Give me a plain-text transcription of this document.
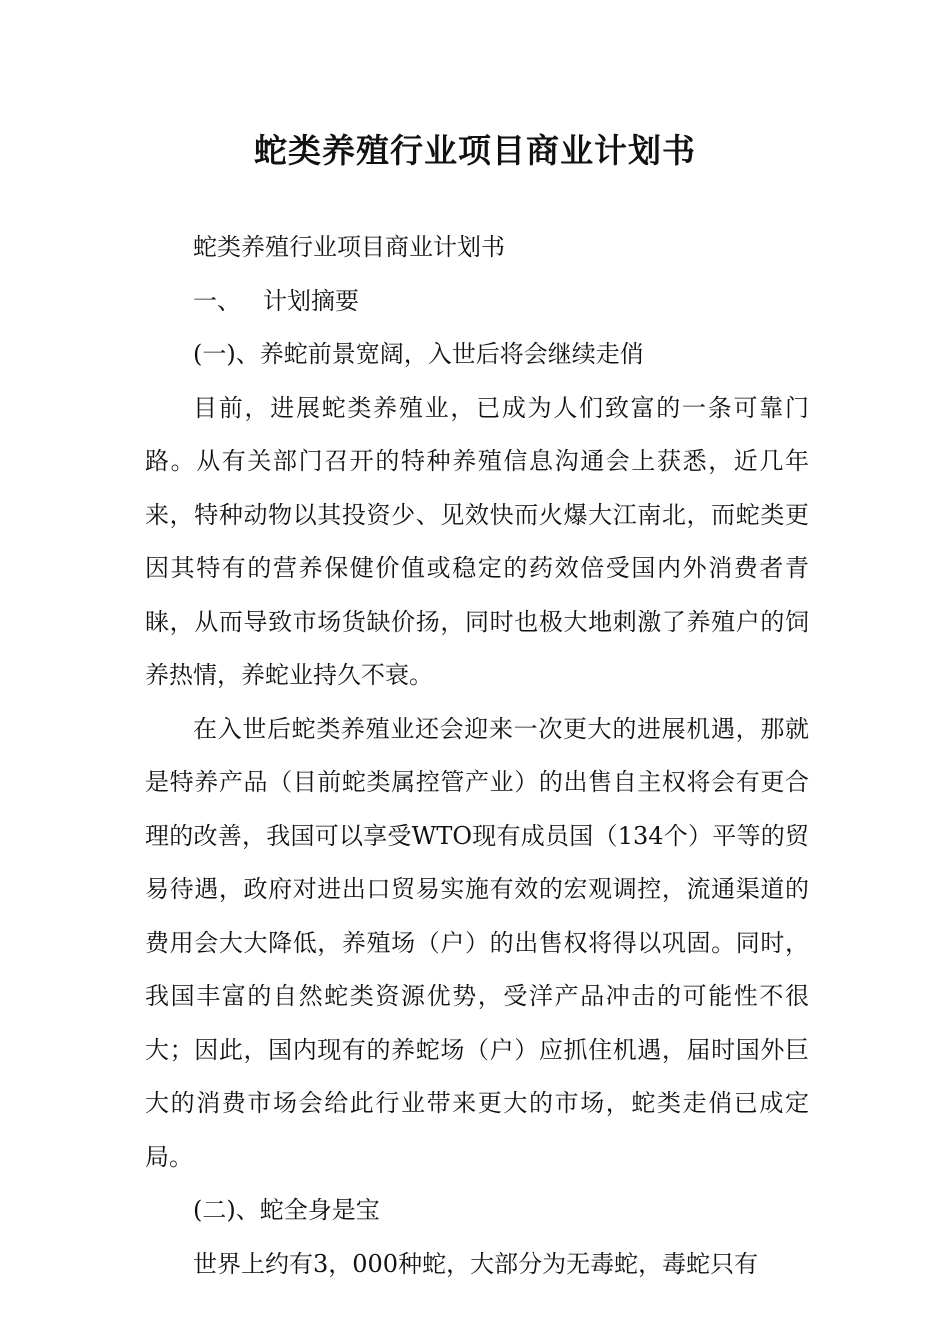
蛇类养殖行业项目商业计划书

蛇类养殖行业项目商业计划书

一、 计划摘要

(一)、养蛇前景宽阔，入世后将会继续走俏

目前，进展蛇类养殖业，已成为人们致富的一条可靠门路。从有关部门召开的特种养殖信息沟通会上获悉，近几年来，特种动物以其投资少、见效快而火爆大江南北，而蛇类更因其特有的营养保健价值或稳定的药效倍受国内外消费者青睐，从而导致市场货缺价扬，同时也极大地刺激了养殖户的饲养热情，养蛇业持久不衰。

在入世后蛇类养殖业还会迎来一次更大的进展机遇，那就是特养产品（目前蛇类属控管产业）的出售自主权将会有更合理的改善，我国可以享受WTO现有成员国（134个）平等的贸易待遇，政府对进出口贸易实施有效的宏观调控，流通渠道的费用会大大降低，养殖场（户）的出售权将得以巩固。同时，我国丰富的自然蛇类资源优势，受洋产品冲击的可能性不很大；因此，国内现有的养蛇场（户）应抓住机遇，届时国外巨大的消费市场会给此行业带来更大的市场，蛇类走俏已成定局。

(二)、蛇全身是宝

世界上约有3，000种蛇，大部分为无毒蛇，毒蛇只有
